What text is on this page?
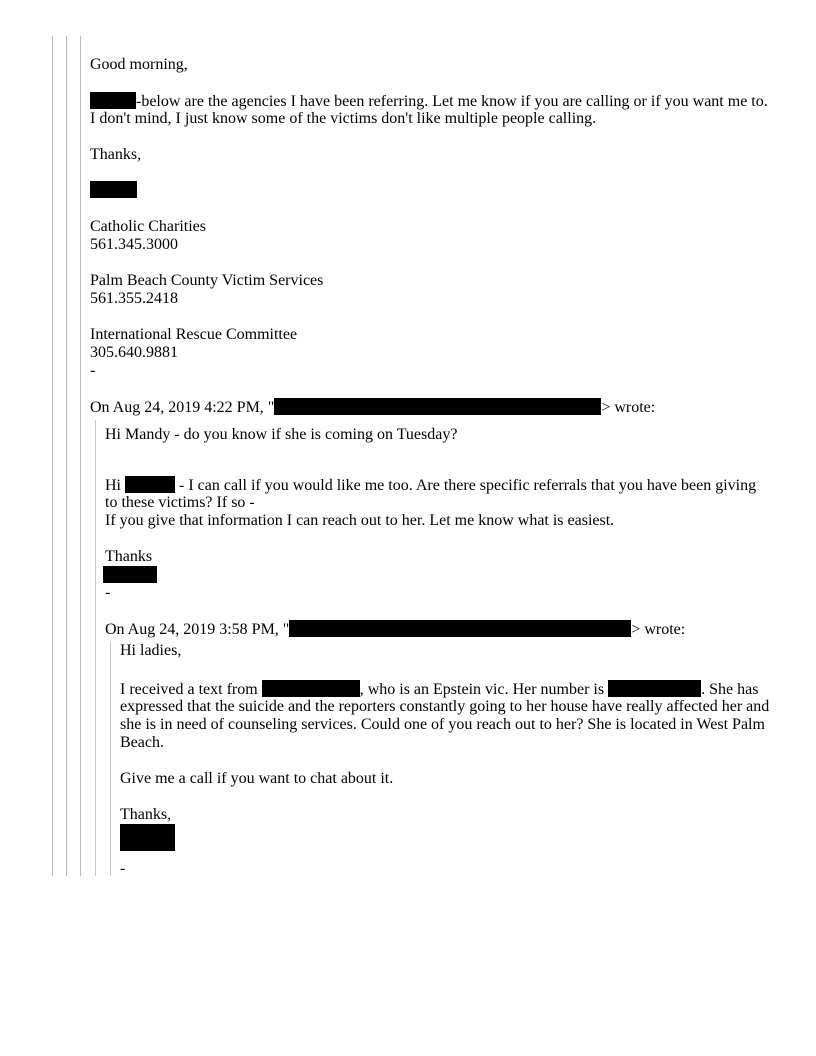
Good morning,
-below are the agencies I have been referring. Let me know if you are calling or if you want me to.
I don't mind, I just know some of the victims don't like multiple people calling.
Thanks,
Catholic Charities
561.345.3000
Palm Beach County Victim Services
561.355.2418
International Rescue Committee
305.640.9881
-
On Aug 24, 2019 4:22 PM, "	> wrote:
Hi Mandy - do you know if she is coming on Tuesday?
Hi	- I can call if you would like me too. Are there specific referrals that you have been giving
to these victims? If so -
If you give that information I can reach out to her. Let me know what is easiest.
Thanks
-
On Aug 24, 2019 3:58 PM, "	> wrote:
Hi ladies,
I received a text from	, who is an Epstein vic. Her number is	. She has
expressed that the suicide and the reporters constantly going to her house have really affected her and
she is in need of counseling services. Could one of you reach out to her? She is located in West Palm
Beach.
Give me a call if you want to chat about it.
Thanks,
-
